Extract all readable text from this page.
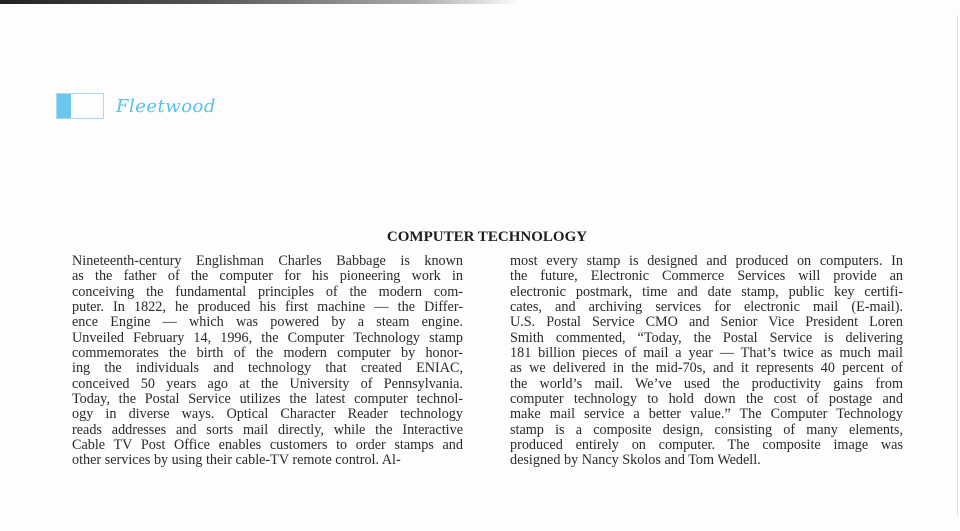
Fleetwood
COMPUTER TECHNOLOGY
Nineteenth-century Englishman Charles Babbage is known
as the father of the computer for his pioneering work in
conceiving the fundamental principles of the modern com-
puter. In 1822, he produced his first machine — the Differ-
ence Engine — which was powered by a steam engine.
Unveiled February 14, 1996, the Computer Technology stamp
commemorates the birth of the modern computer by honor-
ing the individuals and technology that created ENIAC,
conceived 50 years ago at the University of Pennsylvania.
Today, the Postal Service utilizes the latest computer technol-
ogy in diverse ways. Optical Character Reader technology
reads addresses and sorts mail directly, while the Interactive
Cable TV Post Office enables customers to order stamps and
other services by using their cable-TV remote control. Al-
most every stamp is designed and produced on computers. In
the future, Electronic Commerce Services will provide an
electronic postmark, time and date stamp, public key certifi-
cates, and archiving services for electronic mail (E-mail).
U.S. Postal Service CMO and Senior Vice President Loren
Smith commented, “Today, the Postal Service is delivering
181 billion pieces of mail a year — That’s twice as much mail
as we delivered in the mid-70s, and it represents 40 percent of
the world’s mail. We’ve used the productivity gains from
computer technology to hold down the cost of postage and
make mail service a better value.” The Computer Technology
stamp is a composite design, consisting of many elements,
produced entirely on computer. The composite image was
designed by Nancy Skolos and Tom Wedell.
